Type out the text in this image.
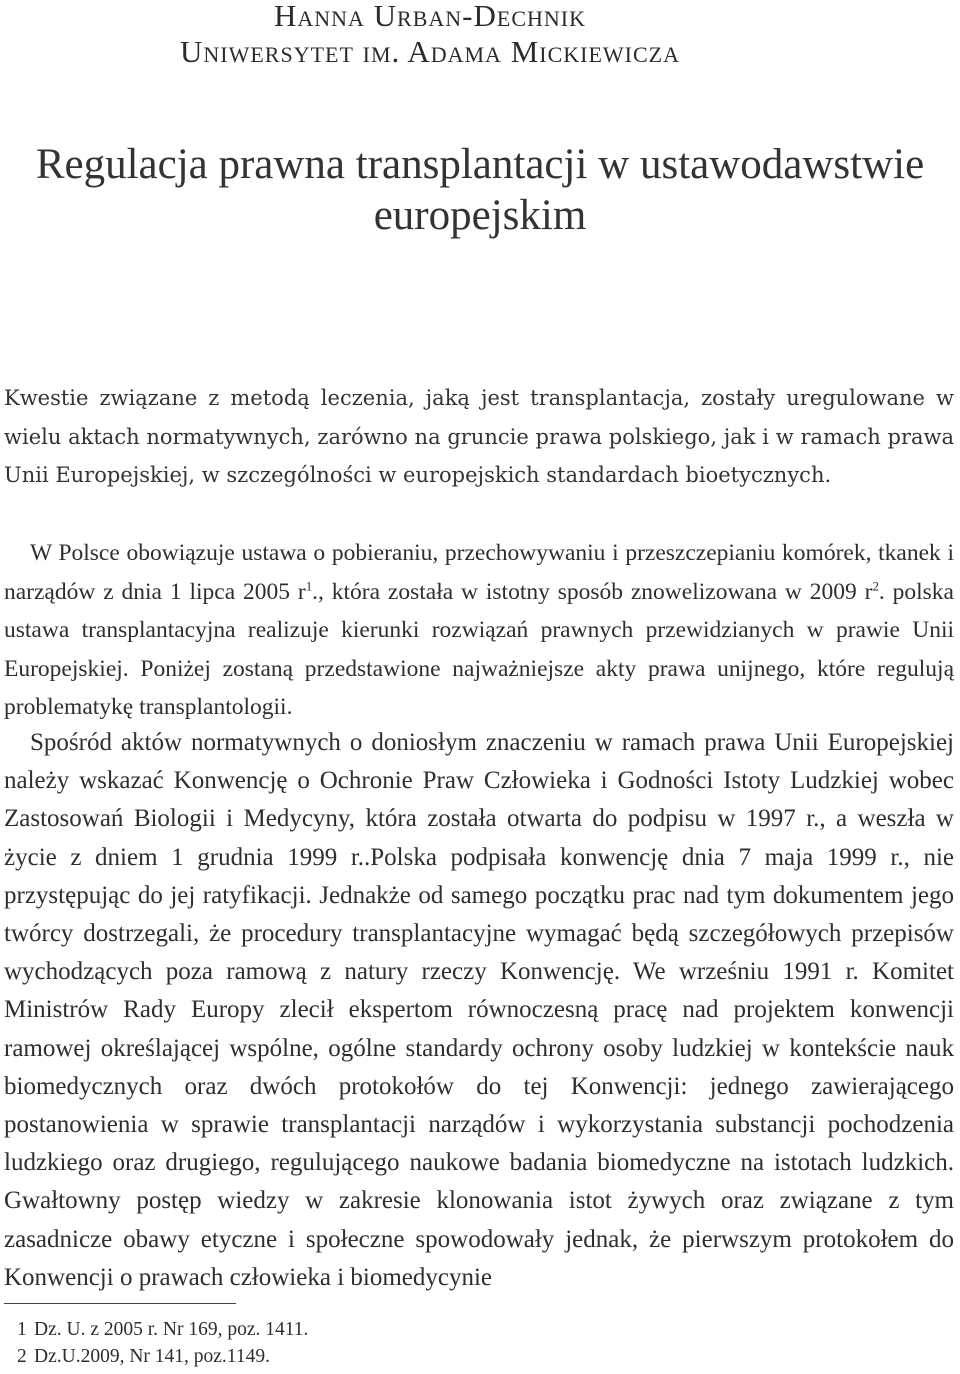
Hanna Urban-Dechnik
Uniwersytet im. Adama Mickiewicza
Regulacja prawna transplantacji w ustawodawstwie europejskim

Kwestie związane z metodą leczenia, jaką jest transplantacja, zostały uregulowane w wielu aktach normatywnych, zarówno na gruncie prawa polskiego, jak i w ramach prawa Unii Europejskiej, w szczególności w europejskich standardach bioetycznych.

W Polsce obowiązuje ustawa o pobieraniu, przechowywaniu i przeszczepianiu komórek, tkanek i narządów z dnia 1 lipca 2005 $r^1$., która została w istotny sposób znowelizowana w 2009 $r^2$. polska ustawa transplantacyjna realizuje kierunki rozwiązań prawnych przewidzianych w prawie Unii Europejskiej. Poniżej zostaną przedstawione najważniejsze akty prawa unijnego, które regulują problematykę transplantologii.

Spośród aktów normatywnych o doniosłym znaczeniu w ramach prawa Unii Europejskiej należy wskazać Konwencję o Ochronie Praw Człowieka i Godności Istoty Ludzkiej wobec Zastosowań Biologii i Medycyny, która została otwarta do podpisu w 1997 r., a weszła w życie z dniem 1 grudnia 1999 r..Polska podpisała konwencję dnia 7 maja 1999 r., nie przystępując do jej ratyfikacji. Jednakże od samego początku prac nad tym dokumentem jego twórcy dostrzegali, że procedury transplantacyjne wymagać będą szczegółowych przepisów wychodzących poza ramową z natury rzeczy Konwencję. We wrześniu 1991 r. Komitet Ministrów Rady Europy zlecił ekspertom równoczesną pracę nad projektem konwencji ramowej określającej wspólne, ogólne standardy ochrony osoby ludzkiej w kontekście nauk biomedycznych oraz dwóch protokołów do tej Konwencji: jednego zawierającego postanowienia w sprawie transplantacji narządów i wykorzystania substancji pochodzenia ludzkiego oraz drugiego, regulującego naukowe badania biomedyczne na istotach ludzkich. Gwałtowny postęp wiedzy w zakresie klonowania istot żywych oraz związane z tym zasadnicze obawy etyczne i społeczne spowodowały jednak, że pierwszym protokołem do Konwencji o prawach człowieka i biomedycynie

1 Dz. U. z 2005 r. Nr 169, poz. 1411.
2 Dz.U.2009, Nr 141, poz.1149.
